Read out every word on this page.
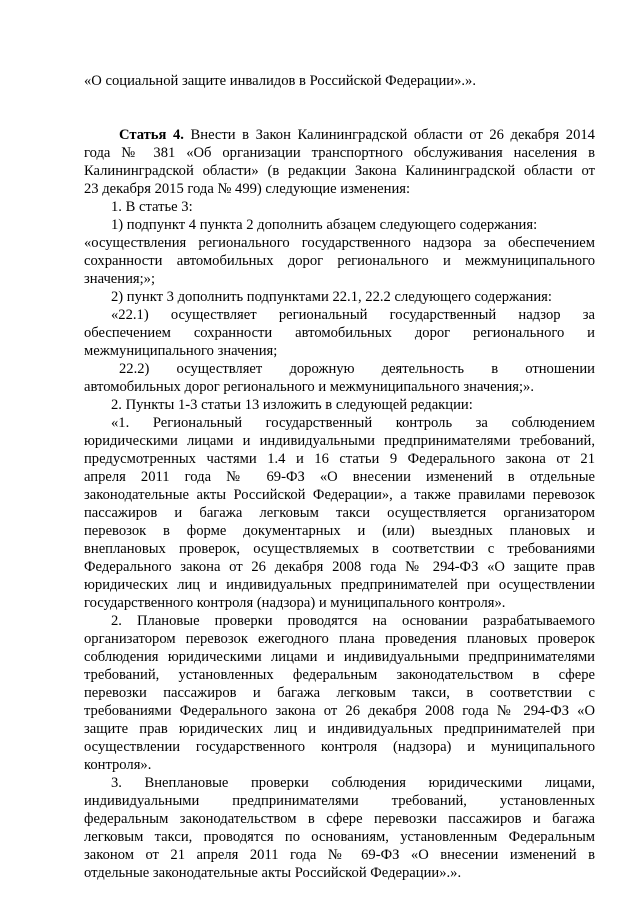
«О социальной защите инвалидов в Российской Федерации».».
Статья 4. Внести в Закон Калининградской области от 26 декабря 2014
года № 381 «Об организации транспортного обслуживания населения в
Калининградской области» (в редакции Закона Калининградской области от
23 декабря 2015 года № 499) следующие изменения:
1. В статье 3:
1) подпункт 4 пункта 2 дополнить абзацем следующего содержания:
«осуществления регионального государственного надзора за обеспечением
сохранности автомобильных дорог регионального и межмуниципального
значения;»;
2) пункт 3 дополнить подпунктами 22.1, 22.2 следующего содержания:
«22.1) осуществляет региональный государственный надзор за
обеспечением сохранности автомобильных дорог регионального и
межмуниципального значения;
22.2) осуществляет дорожную деятельность в отношении
автомобильных дорог регионального и межмуниципального значения;».
2. Пункты 1-3 статьи 13 изложить в следующей редакции:
«1. Региональный государственный контроль за соблюдением
юридическими лицами и индивидуальными предпринимателями требований,
предусмотренных частями 1.4 и 16 статьи 9 Федерального закона от 21
апреля 2011 года № 69-ФЗ «О внесении изменений в отдельные
законодательные акты Российской Федерации», а также правилами перевозок
пассажиров и багажа легковым такси осуществляется организатором
перевозок в форме документарных и (или) выездных плановых и
внеплановых проверок, осуществляемых в соответствии с требованиями
Федерального закона от 26 декабря 2008 года № 294-ФЗ «О защите прав
юридических лиц и индивидуальных предпринимателей при осуществлении
государственного контроля (надзора) и муниципального контроля».
2. Плановые проверки проводятся на основании разрабатываемого
организатором перевозок ежегодного плана проведения плановых проверок
соблюдения юридическими лицами и индивидуальными предпринимателями
требований, установленных федеральным законодательством в сфере
перевозки пассажиров и багажа легковым такси, в соответствии с
требованиями Федерального закона от 26 декабря 2008 года № 294-ФЗ «О
защите прав юридических лиц и индивидуальных предпринимателей при
осуществлении государственного контроля (надзора) и муниципального
контроля».
3. Внеплановые проверки соблюдения юридическими лицами,
индивидуальными предпринимателями требований, установленных
федеральным законодательством в сфере перевозки пассажиров и багажа
легковым такси, проводятся по основаниям, установленным Федеральным
законом от 21 апреля 2011 года № 69-ФЗ «О внесении изменений в
отдельные законодательные акты Российской Федерации».».
